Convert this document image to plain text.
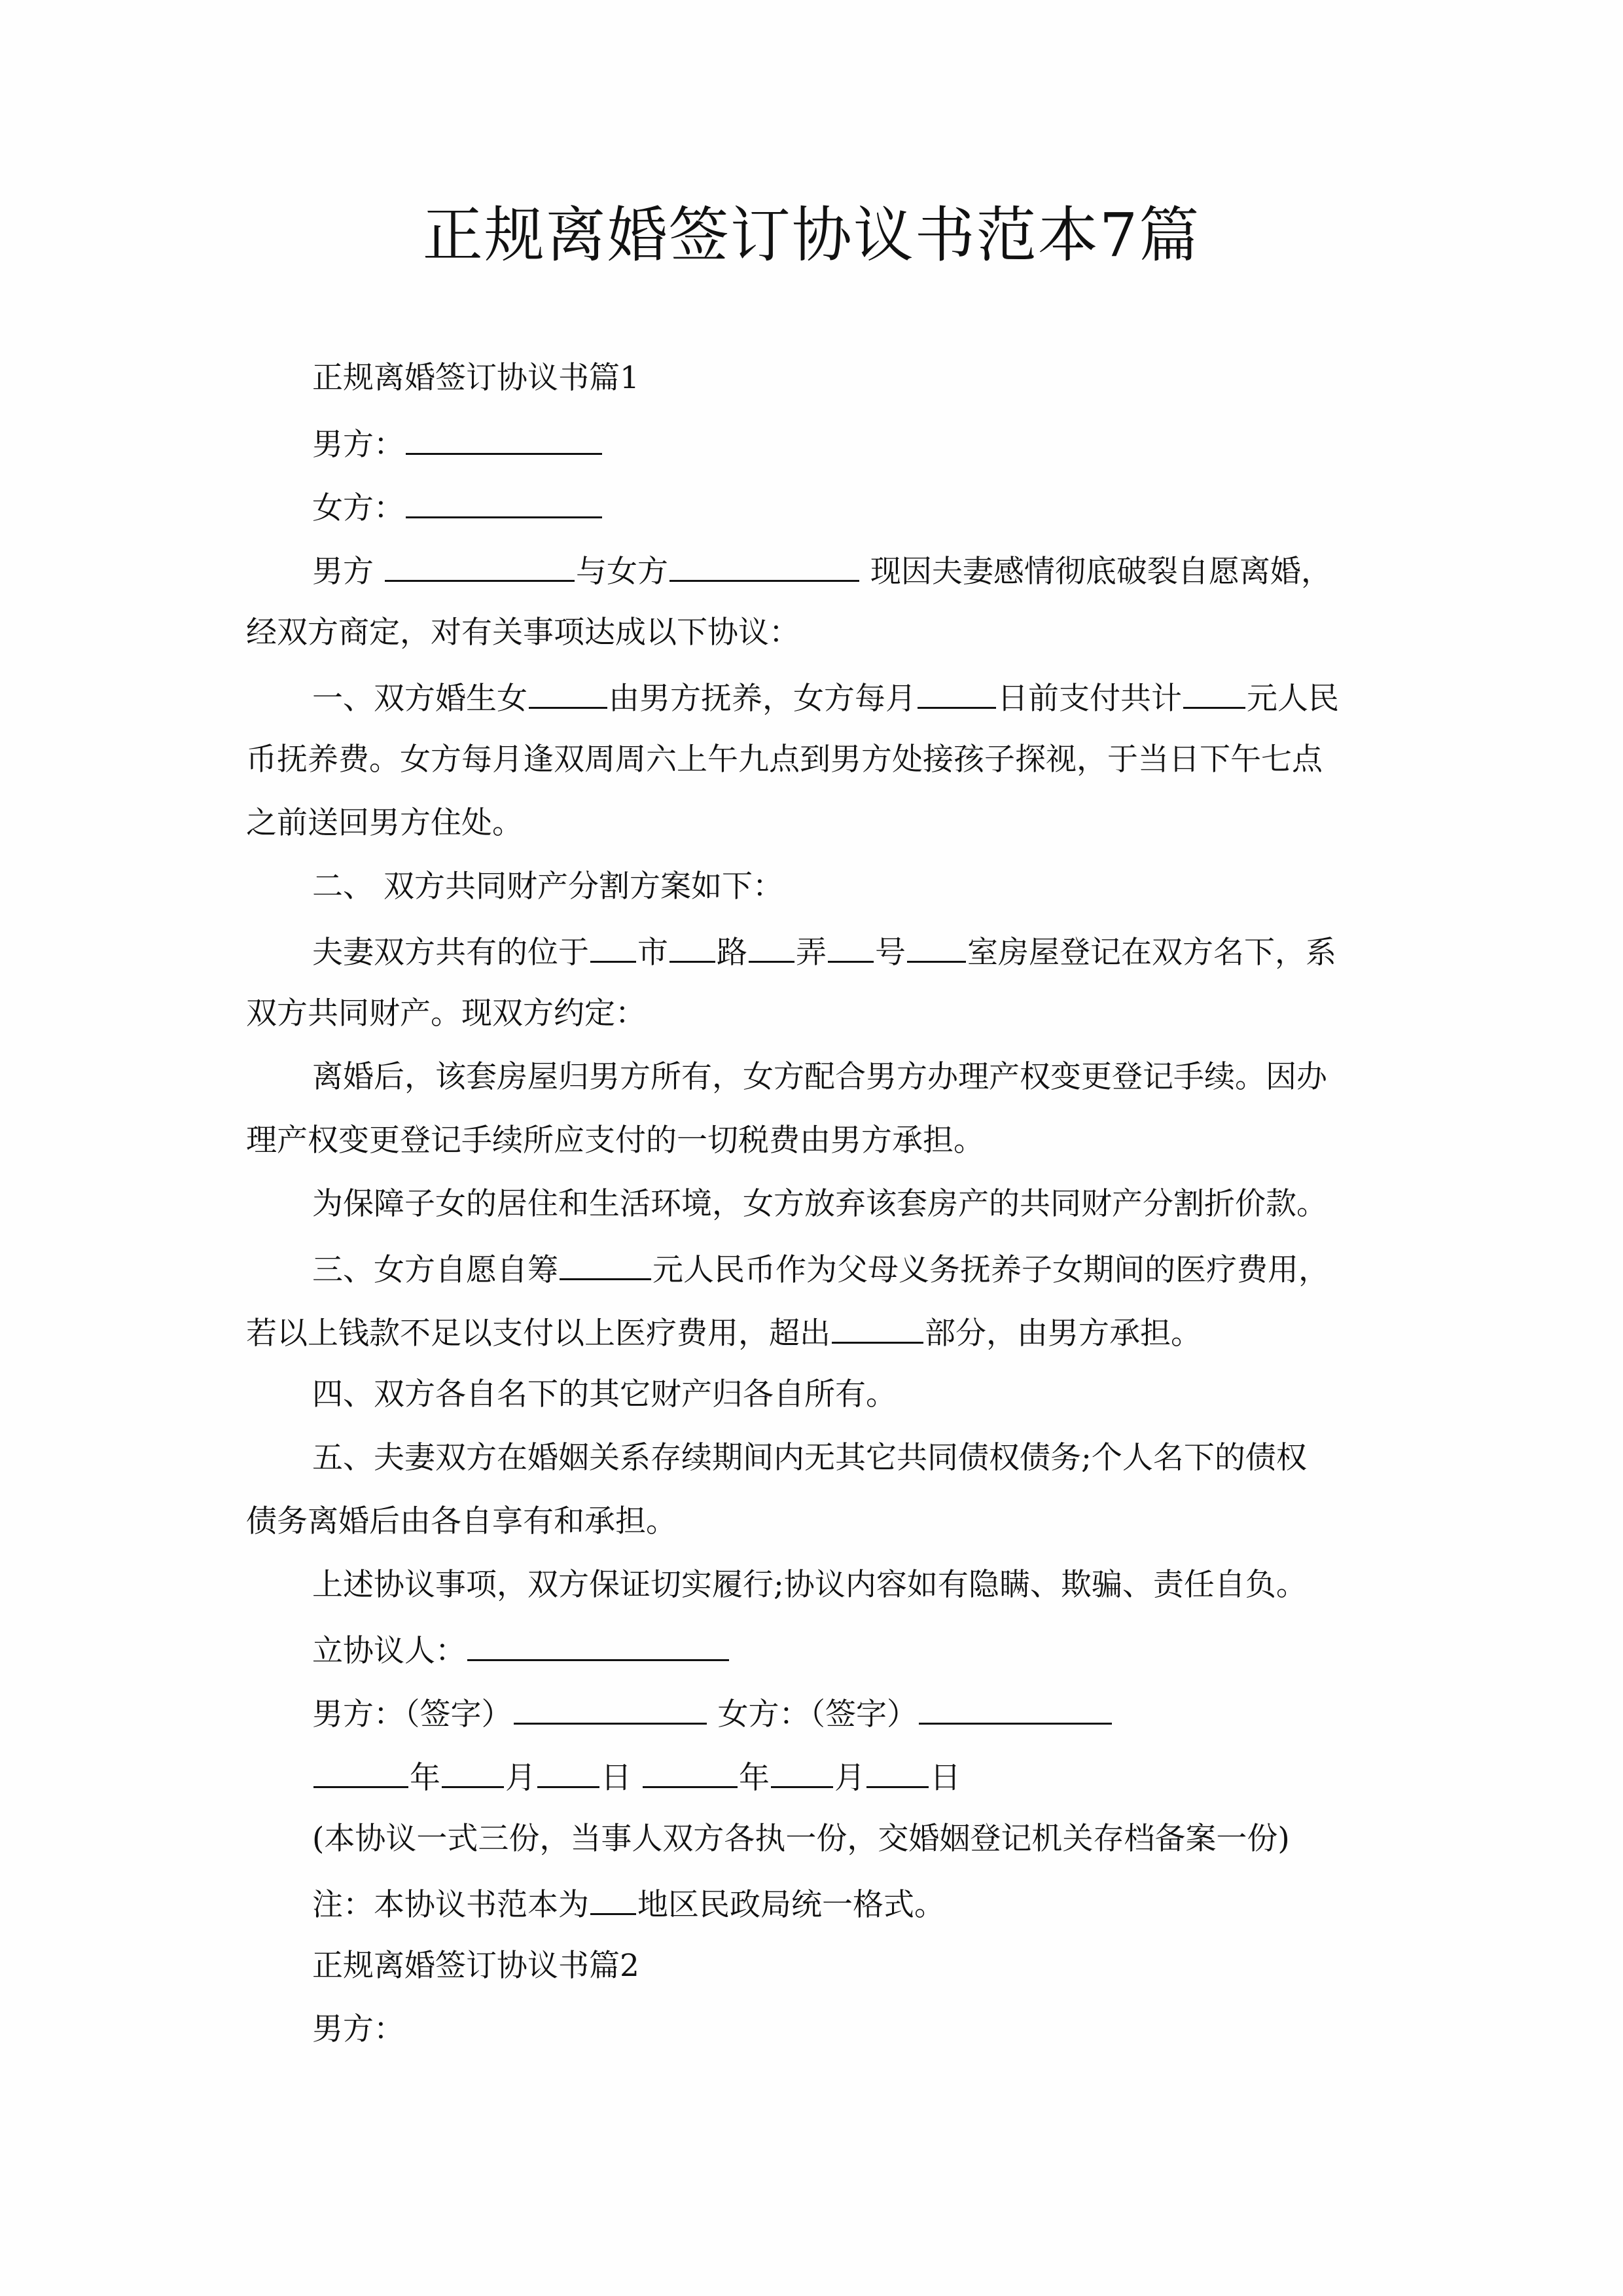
正规离婚签订协议书范本7篇
正规离婚签订协议书篇1
男方：
女方：
男方	与女方	现因夫妻感情彻底破裂自愿离婚，
经双方商定，对有关事项达成以下协议：
一、双方婚生女	由男方抚养，女方每月	日前支付共计 元人民
币抚养费。女方每月逢双周周六上午九点到男方处接孩子探视，于当日下午七点
之前送回男方住处。
二、 双方共同财产分割方案如下：
夫妻双方共有的位于 市 路 弄 号 室房屋登记在双方名下，系
双方共同财产。现双方约定：
离婚后，该套房屋归男方所有，女方配合男方办理产权变更登记手续。因办
理产权变更登记手续所应支付的一切税费由男方承担。
为保障子女的居住和生活环境，女方放弃该套房产的共同财产分割折价款。
三、女方自愿自筹	元人民币作为父母义务抚养子女期间的医疗费用，
若以上钱款不足以支付以上医疗费用，超出	部分，由男方承担。
四、双方各自名下的其它财产归各自所有。
五、夫妻双方在婚姻关系存续期间内无其它共同债权债务;个人名下的债权
债务离婚后由各自享有和承担。
上述协议事项，双方保证切实履行;协议内容如有隐瞒、欺骗、责任自负。
立协议人：
男方：（签字）	女方：（签字）
年 月 日	年 月 日
(本协议一式三份，当事人双方各执一份，交婚姻登记机关存档备案一份)
注：本协议书范本为 地区民政局统一格式。
正规离婚签订协议书篇2
男方：
